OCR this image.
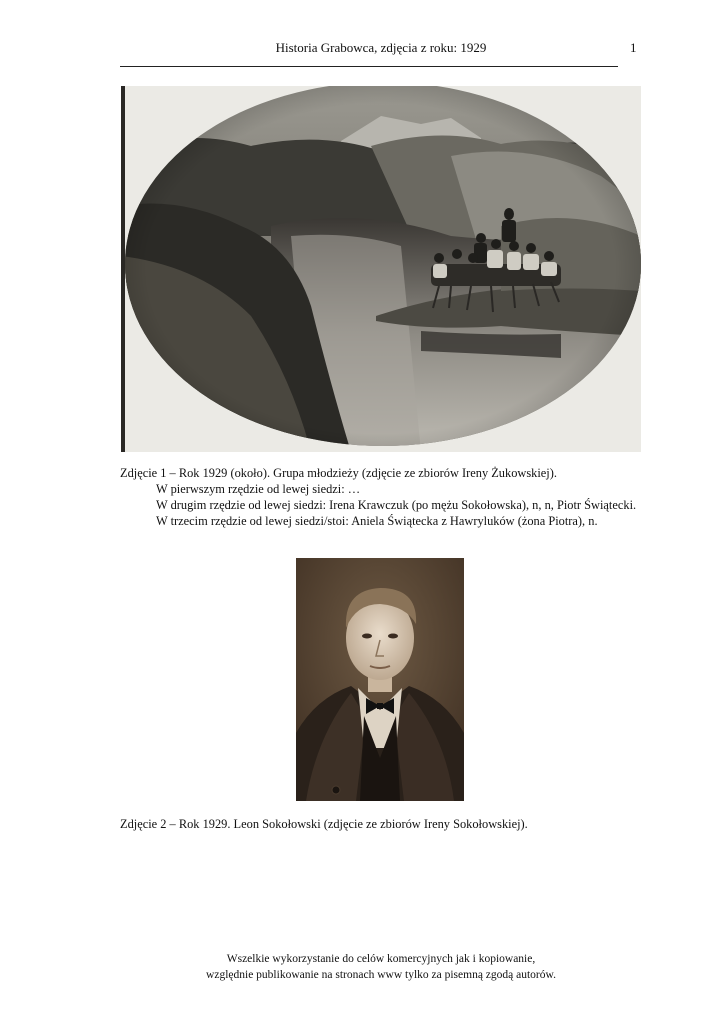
Historia Grabowca, zdjęcia z roku: 1929	1

Zdjęcie 1 – Rok 1929 (około). Grupa młodzieży (zdjęcie ze zbiorów Ireny Żukowskiej).

W pierwszym rzędzie od lewej siedzi: …

W drugim rzędzie od lewej siedzi: Irena Krawczuk (po mężu Sokołowska), n, n, Piotr Świątecki.

W trzecim rzędzie od lewej siedzi/stoi: Aniela Świątecka z Hawryluków (żona Piotra), n.

Zdjęcie 2 – Rok 1929. Leon Sokołowski (zdjęcie ze zbiorów Ireny Sokołowskiej).
Wszelkie wykorzystanie do celów komercyjnych jak i kopiowanie,
względnie publikowanie na stronach www tylko za pisemną zgodą autorów.
